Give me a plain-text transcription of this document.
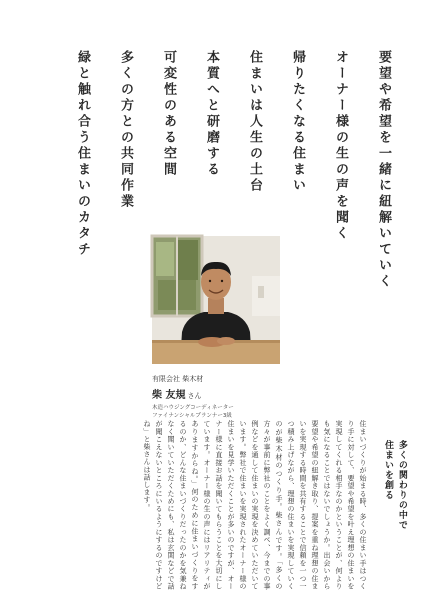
要望や希望を一緒に紐解いていく
オーナー様の生の声を聞く
帰りたくなる住まい
住まいは人生の土台
本質へと研磨する
可変性のある空間
多くの方との共同作業
緑と触れ合う住まいのカタチ
有限会社 柴木材
柴 友規 さん
木造ハウジングコーディネーター
ファイナンシャルプランナー3級
多くの関わりの中で
住まいを創る
住まいづくりが始まる時、多くの住まい手はつくり手に対して、要望や希望を叶え理想の住まいを実現してくれる相手なのかということが、何よりも気になることではないでしょうか。出会いから要望や希望の紐解き取り、提案を重ね理想の住まいを実現する時間を共有することで信頼を一つ一つ積み上げながら、理想の住まいを実現していくのが柴木材のつくり手。柴さんです。「多くの方々が事前に弊社のことをよく調べ、今までの事例などを通して住まいの実現を決めていただいています。弊社で住まいを実現されたオーナー様の住まいを見学いただくことが多いのですが、オーナー様に直接お話を聞いてもらうことを大切にしています。オーナー様の生の声にはリアリティがありますからね。」何のために住まいづくりをするのか、どんな住まいづくりだったのかを気兼ねなく聞いていただくためにも、私は玄関などで話が聞こえないところにいるようにするのですけどね」と柴さんは話します。
